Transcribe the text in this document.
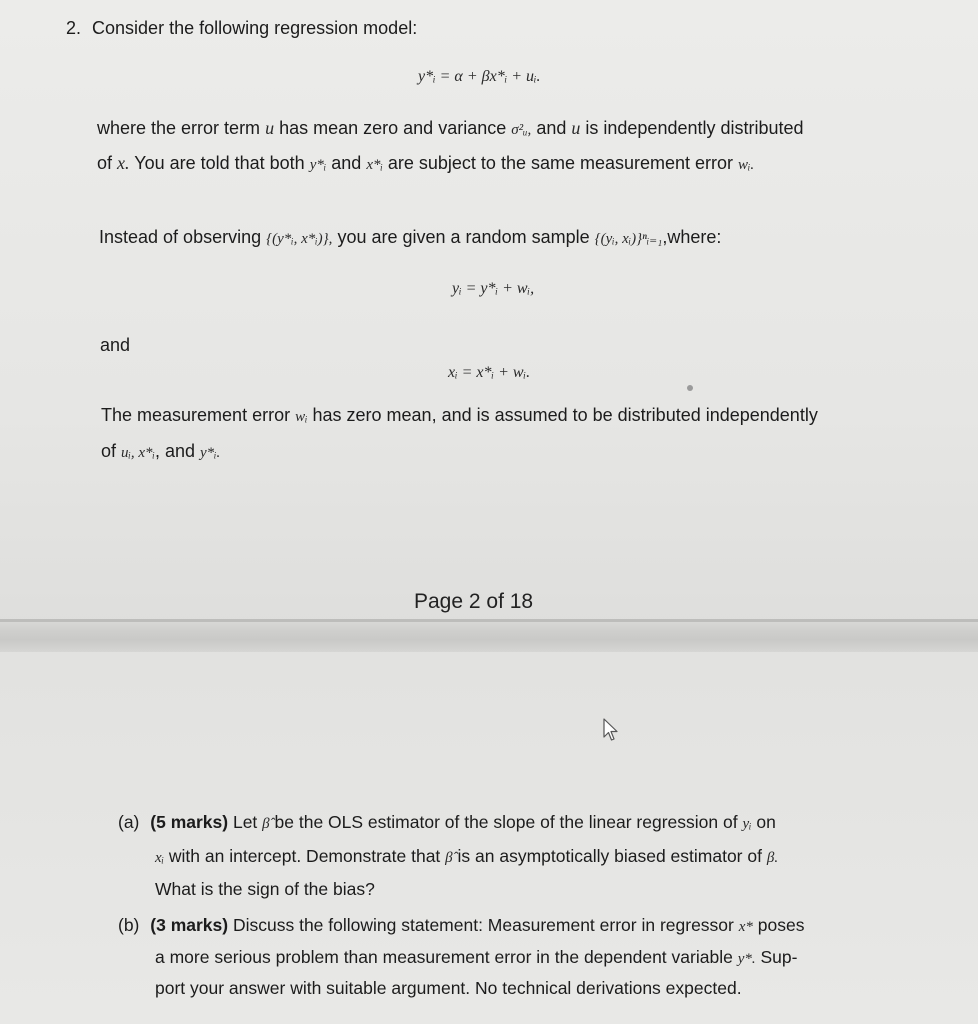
2. Consider the following regression model:
y*ᵢ = α + βx*ᵢ + uᵢ.
where the error term u has mean zero and variance σ²ᵤ, and u is independently distributed
of x. You are told that both y*ᵢ and x*ᵢ are subject to the same measurement error wᵢ.
Instead of observing {(y*ᵢ, x*ᵢ)}, you are given a random sample {(yᵢ, xᵢ)}ⁿᵢ₌₁,where:
yᵢ = y*ᵢ + wᵢ,
and
xᵢ = x*ᵢ + wᵢ.
The measurement error wᵢ has zero mean, and is assumed to be distributed independently
of uᵢ, x*ᵢ, and y*ᵢ.
Page 2 of 18
(a) (5 marks) Let β̂ be the OLS estimator of the slope of the linear regression of yᵢ on
xᵢ with an intercept. Demonstrate that β̂ is an asymptotically biased estimator of β.
What is the sign of the bias?
(b) (3 marks) Discuss the following statement: Measurement error in regressor x* poses
a more serious problem than measurement error in the dependent variable y*. Sup-
port your answer with suitable argument. No technical derivations expected.
